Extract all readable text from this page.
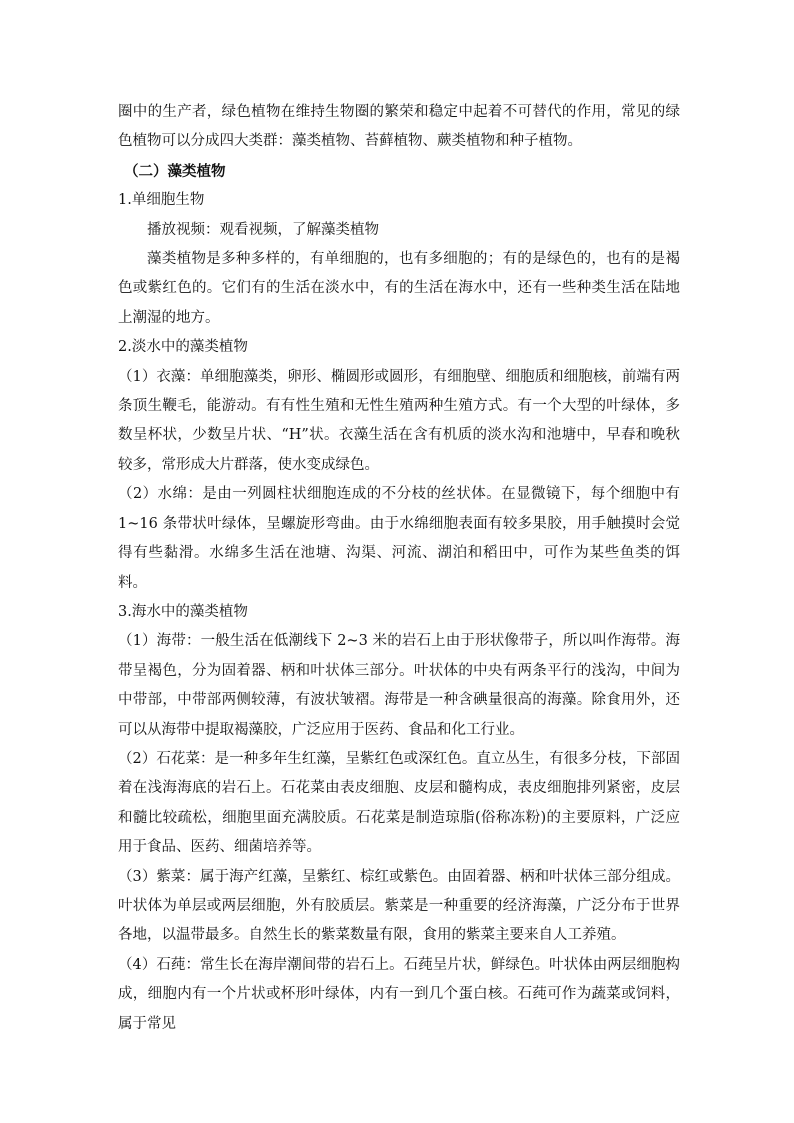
圈中的生产者，绿色植物在维持生物圈的繁荣和稳定中起着不可替代的作用，常见的绿色植物可以分成四大类群：藻类植物、苔藓植物、蕨类植物和种子植物。

（二）藻类植物

1.单细胞生物

播放视频：观看视频，了解藻类植物

藻类植物是多种多样的，有单细胞的，也有多细胞的；有的是绿色的，也有的是褐色或紫红色的。它们有的生活在淡水中，有的生活在海水中，还有一些种类生活在陆地上潮湿的地方。

2.淡水中的藻类植物

（1）衣藻：单细胞藻类，卵形、椭圆形或圆形，有细胞壁、细胞质和细胞核，前端有两条顶生鞭毛，能游动。有有性生殖和无性生殖两种生殖方式。有一个大型的叶绿体，多数呈杯状，少数呈片状、“H”状。衣藻生活在含有机质的淡水沟和池塘中，早春和晚秋较多，常形成大片群落，使水变成绿色。

（2）水绵：是由一列圆柱状细胞连成的不分枝的丝状体。在显微镜下，每个细胞中有 1~16 条带状叶绿体，呈螺旋形弯曲。由于水绵细胞表面有较多果胶，用手触摸时会觉得有些黏滑。水绵多生活在池塘、沟渠、河流、湖泊和稻田中，可作为某些鱼类的饵料。

3.海水中的藻类植物

（1）海带：一般生活在低潮线下 2~3 米的岩石上由于形状像带子，所以叫作海带。海带呈褐色，分为固着器、柄和叶状体三部分。叶状体的中央有两条平行的浅沟，中间为中带部，中带部两侧较薄，有波状皱褶。海带是一种含碘量很高的海藻。除食用外，还可以从海带中提取褐藻胶，广泛应用于医药、食品和化工行业。

（2）石花菜：是一种多年生红藻，呈紫红色或深红色。直立丛生，有很多分枝，下部固着在浅海海底的岩石上。石花菜由表皮细胞、皮层和髓构成，表皮细胞排列紧密，皮层和髓比较疏松，细胞里面充满胶质。石花菜是制造琼脂(俗称冻粉)的主要原料，广泛应用于食品、医药、细菌培养等。

（3）紫菜：属于海产红藻，呈紫红、棕红或紫色。由固着器、柄和叶状体三部分组成。叶状体为单层或两层细胞，外有胶质层。紫菜是一种重要的经济海藻，广泛分布于世界各地，以温带最多。自然生长的紫菜数量有限，食用的紫菜主要来自人工养殖。

（4）石莼：常生长在海岸潮间带的岩石上。石莼呈片状，鲜绿色。叶状体由两层细胞构成，细胞内有一个片状或杯形叶绿体，内有一到几个蛋白核。石莼可作为蔬菜或饲料，属于常见
